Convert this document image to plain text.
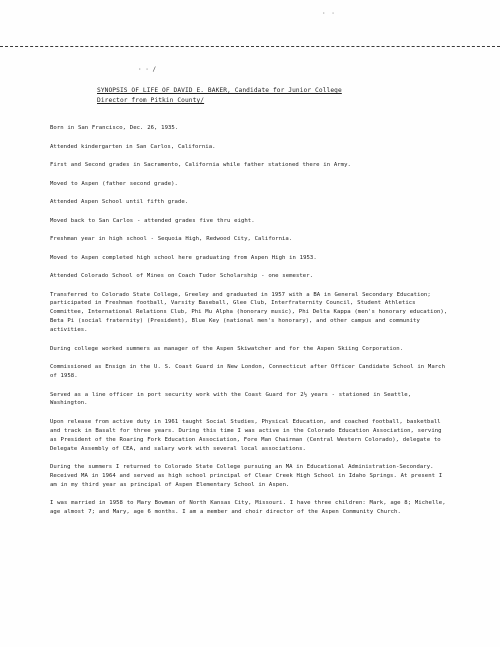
· ·
· · /
SYNOPSIS OF LIFE OF DAVID E. BAKER, Candidate for Junior College
Director from Pitkin County/

Born in San Francisco, Dec. 26, 1935.

Attended kindergarten in San Carlos, California.

First and Second grades in Sacramento, California while father stationed there in Army.

Moved to Aspen (father second grade).

Attended Aspen School until fifth grade.

Moved back to San Carlos - attended grades five thru eight.

Freshman year in high school - Sequoia High, Redwood City, California.

Moved to Aspen completed high school here graduating from Aspen High in 1953.

Attended Colorado School of Mines on Coach Tudor Scholarship - one semester.

Transferred to Colorado State College, Greeley and graduated in 1957 with a BA in General Secondary Education; participated in Freshman football, Varsity Baseball, Glee Club, Interfraternity Council, Student Athletics Committee, International Relations Club, Phi Mu Alpha (honorary music), Phi Delta Kappa (men's honorary education), Beta Pi (social fraternity) (President), Blue Key (national men's honorary), and other campus and community activities.

During college worked summers as manager of the Aspen Skiwatcher and for the Aspen Skiing Corporation.

Commissioned as Ensign in the U. S. Coast Guard in New London, Connecticut after Officer Candidate School in March of 1958.

Served as a line officer in port security work with the Coast Guard for 2½ years - stationed in Seattle, Washington.

Upon release from active duty in 1961 taught Social Studies, Physical Education, and coached football, basketball and track in Basalt for three years. During this time I was active in the Colorado Education Association, serving as President of the Roaring Fork Education Association, Fore Man Chairman (Central Western Colorado), delegate to Delegate Assembly of CEA, and salary work with several local associations.

During the summers I returned to Colorado State College pursuing an MA in Educational Administration-Secondary. Received MA in 1964 and served as high school principal of Clear Creek High School in Idaho Springs. At present I am in my third year as principal of Aspen Elementary School in Aspen.

I was married in 1958 to Mary Bowman of North Kansas City, Missouri. I have three children: Mark, age 8; Michelle, age almost 7; and Mary, age 6 months. I am a member and choir director of the Aspen Community Church.
